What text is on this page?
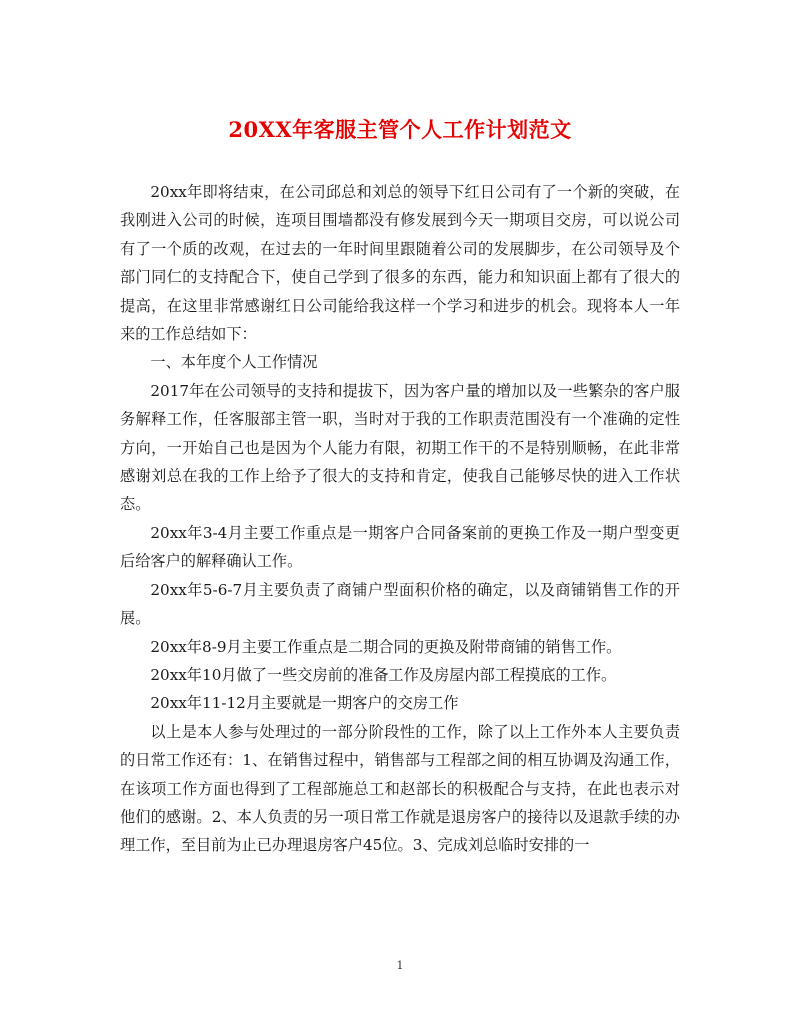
20XX年客服主管个人工作计划范文

20xx年即将结束，在公司邱总和刘总的领导下红日公司有了一个新的突破，在我刚进入公司的时候，连项目围墙都没有修发展到今天一期项目交房，可以说公司有了一个质的改观，在过去的一年时间里跟随着公司的发展脚步，在公司领导及个部门同仁的支持配合下，使自己学到了很多的东西，能力和知识面上都有了很大的提高，在这里非常感谢红日公司能给我这样一个学习和进步的机会。现将本人一年来的工作总结如下：

一、本年度个人工作情况

2017年在公司领导的支持和提拔下，因为客户量的增加以及一些繁杂的客户服务解释工作，任客服部主管一职，当时对于我的工作职责范围没有一个准确的定性方向，一开始自己也是因为个人能力有限，初期工作干的不是特别顺畅，在此非常感谢刘总在我的工作上给予了很大的支持和肯定，使我自己能够尽快的进入工作状态。

20xx年3-4月主要工作重点是一期客户合同备案前的更换工作及一期户型变更后给客户的解释确认工作。

20xx年5-6-7月主要负责了商铺户型面积价格的确定，以及商铺销售工作的开展。

20xx年8-9月主要工作重点是二期合同的更换及附带商铺的销售工作。

20xx年10月做了一些交房前的准备工作及房屋内部工程摸底的工作。

20xx年11-12月主要就是一期客户的交房工作

以上是本人参与处理过的一部分阶段性的工作，除了以上工作外本人主要负责的日常工作还有：1、在销售过程中，销售部与工程部之间的相互协调及沟通工作，在该项工作方面也得到了工程部施总工和赵部长的积极配合与支持，在此也表示对他们的感谢。2、本人负责的另一项日常工作就是退房客户的接待以及退款手续的办理工作，至目前为止已办理退房客户45位。3、完成刘总临时安排的一

1
